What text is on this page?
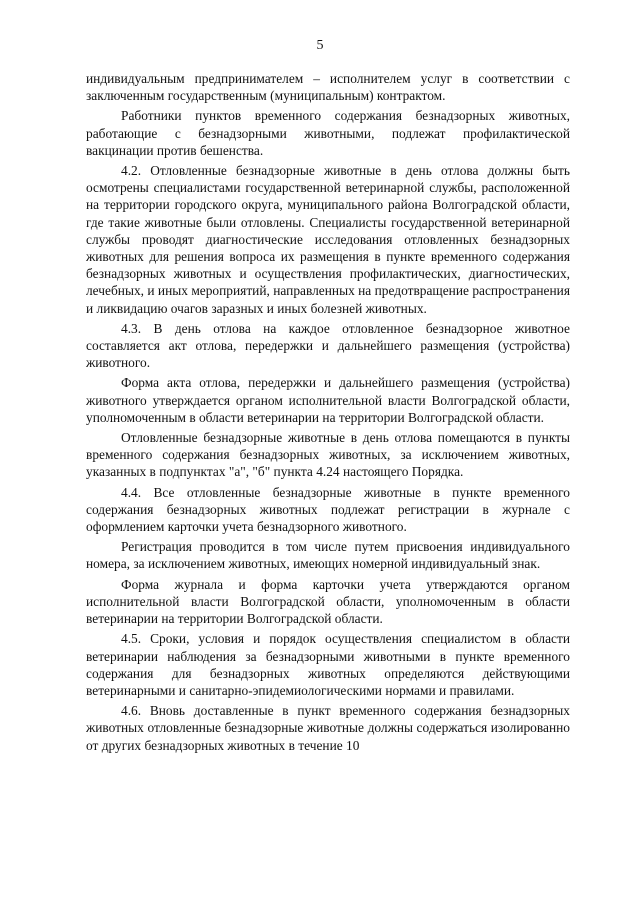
5

индивидуальным предпринимателем – исполнителем услуг в соответствии с заключенным государственным (муниципальным) контрактом.

Работники пунктов временного содержания безнадзорных животных, работающие с безнадзорными животными, подлежат профилактической вакцинации против бешенства.

4.2. Отловленные безнадзорные животные в день отлова должны быть осмотрены специалистами государственной ветеринарной службы, расположенной на территории городского округа, муниципального района Волгоградской области, где такие животные были отловлены. Специалисты государственной ветеринарной службы проводят диагностические исследования отловленных безнадзорных животных для решения вопроса их размещения в пункте временного содержания безнадзорных животных и осуществления профилактических, диагностических, лечебных, и иных мероприятий, направленных на предотвращение распространения и ликвидацию очагов заразных и иных болезней животных.

4.3. В день отлова на каждое отловленное безнадзорное животное составляется акт отлова, передержки и дальнейшего размещения (устройства) животного.

Форма акта отлова, передержки и дальнейшего размещения (устройства) животного утверждается органом исполнительной власти Волгоградской области, уполномоченным в области ветеринарии на территории Волгоградской области.

Отловленные безнадзорные животные в день отлова помещаются в пункты временного содержания безнадзорных животных, за исключением животных, указанных в подпунктах "а", "б" пункта 4.24 настоящего Порядка.

4.4. Все отловленные безнадзорные животные в пункте временного содержания безнадзорных животных подлежат регистрации в журнале с оформлением карточки учета безнадзорного животного.

Регистрация проводится в том числе путем присвоения индивидуального номера, за исключением животных, имеющих номерной индивидуальный знак.

Форма журнала и форма карточки учета утверждаются органом исполнительной власти Волгоградской области, уполномоченным в области ветеринарии на территории Волгоградской области.

4.5. Сроки, условия и порядок осуществления специалистом в области ветеринарии наблюдения за безнадзорными животными в пункте временного содержания для безнадзорных животных определяются действующими ветеринарными и санитарно-эпидемиологическими нормами и правилами.

4.6. Вновь доставленные в пункт временного содержания безнадзорных животных отловленные безнадзорные животные должны содержаться изолированно от других безнадзорных животных в течение 10
